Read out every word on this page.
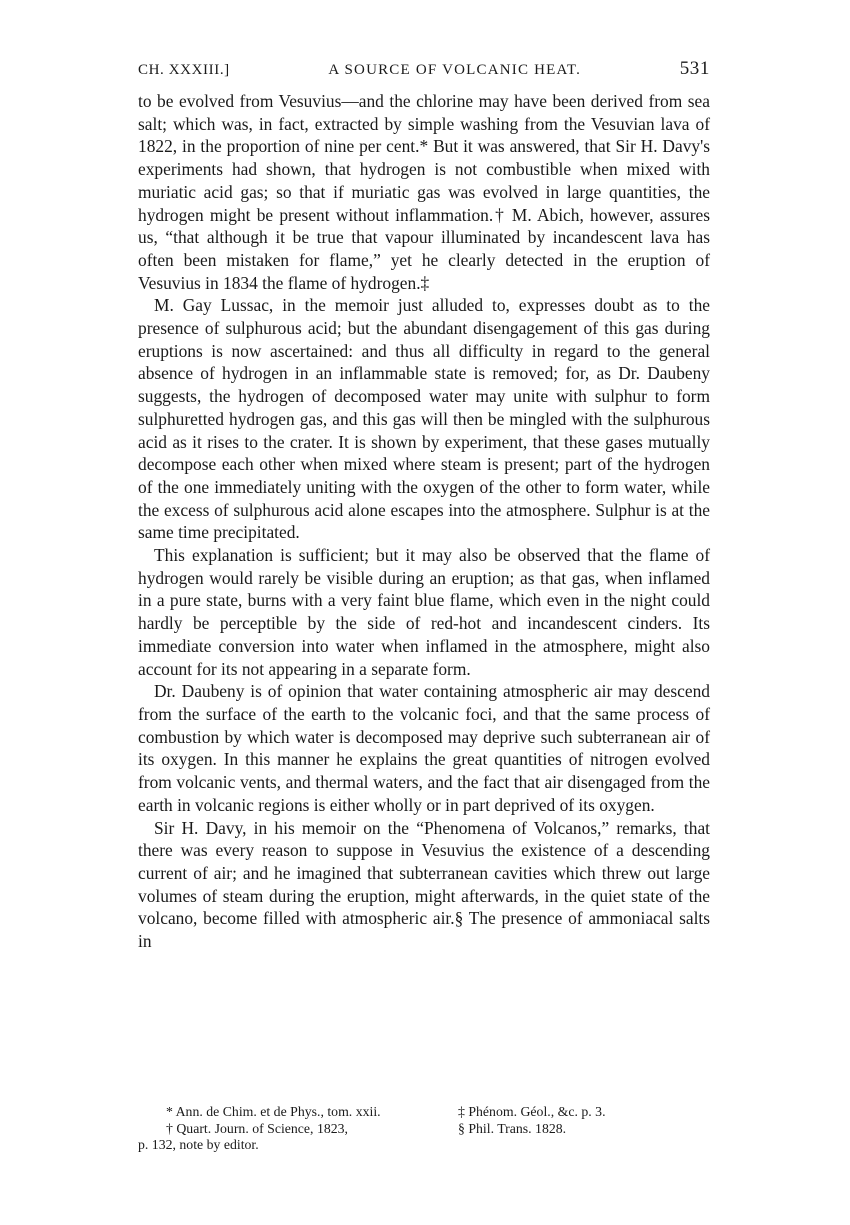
CH. XXXIII.]	A SOURCE OF VOLCANIC HEAT.	531

to be evolved from Vesuvius—and the chlorine may have been derived from sea salt; which was, in fact, extracted by simple washing from the Vesuvian lava of 1822, in the proportion of nine per cent.* But it was answered, that Sir H. Davy's experiments had shown, that hydrogen is not combustible when mixed with muriatic acid gas; so that if muriatic gas was evolved in large quantities, the hydrogen might be present without inflammation.† M. Abich, however, assures us, “that although it be true that vapour illuminated by incandescent lava has often been mistaken for flame,” yet he clearly detected in the eruption of Vesuvius in 1834 the flame of hydrogen.‡

M. Gay Lussac, in the memoir just alluded to, expresses doubt as to the presence of sulphurous acid; but the abundant disengagement of this gas during eruptions is now ascertained: and thus all difficulty in regard to the general absence of hydrogen in an inflammable state is removed; for, as Dr. Daubeny suggests, the hydrogen of decomposed water may unite with sulphur to form sulphuretted hydrogen gas, and this gas will then be mingled with the sulphurous acid as it rises to the crater. It is shown by experiment, that these gases mutually decompose each other when mixed where steam is present; part of the hydrogen of the one immediately uniting with the oxygen of the other to form water, while the excess of sulphurous acid alone escapes into the atmosphere. Sulphur is at the same time precipitated.

This explanation is sufficient; but it may also be observed that the flame of hydrogen would rarely be visible during an eruption; as that gas, when inflamed in a pure state, burns with a very faint blue flame, which even in the night could hardly be perceptible by the side of red-hot and incandescent cinders. Its immediate conversion into water when inflamed in the atmosphere, might also account for its not appearing in a separate form.

Dr. Daubeny is of opinion that water containing atmospheric air may descend from the surface of the earth to the volcanic foci, and that the same process of combustion by which water is decomposed may deprive such subterranean air of its oxygen. In this manner he explains the great quantities of nitrogen evolved from volcanic vents, and thermal waters, and the fact that air disengaged from the earth in volcanic regions is either wholly or in part deprived of its oxygen.

Sir H. Davy, in his memoir on the “Phenomena of Volcanos,” remarks, that there was every reason to suppose in Vesuvius the existence of a descending current of air; and he imagined that subterranean cavities which threw out large volumes of steam during the eruption, might afterwards, in the quiet state of the volcano, become filled with atmospheric air.§ The presence of ammoniacal salts in

* Ann. de Chim. et de Phys., tom. xxii.	‡ Phénom. Géol., &c. p. 3.
† Quart. Journ. of Science, 1823,	§ Phil. Trans. 1828.
p. 132, note by editor.
